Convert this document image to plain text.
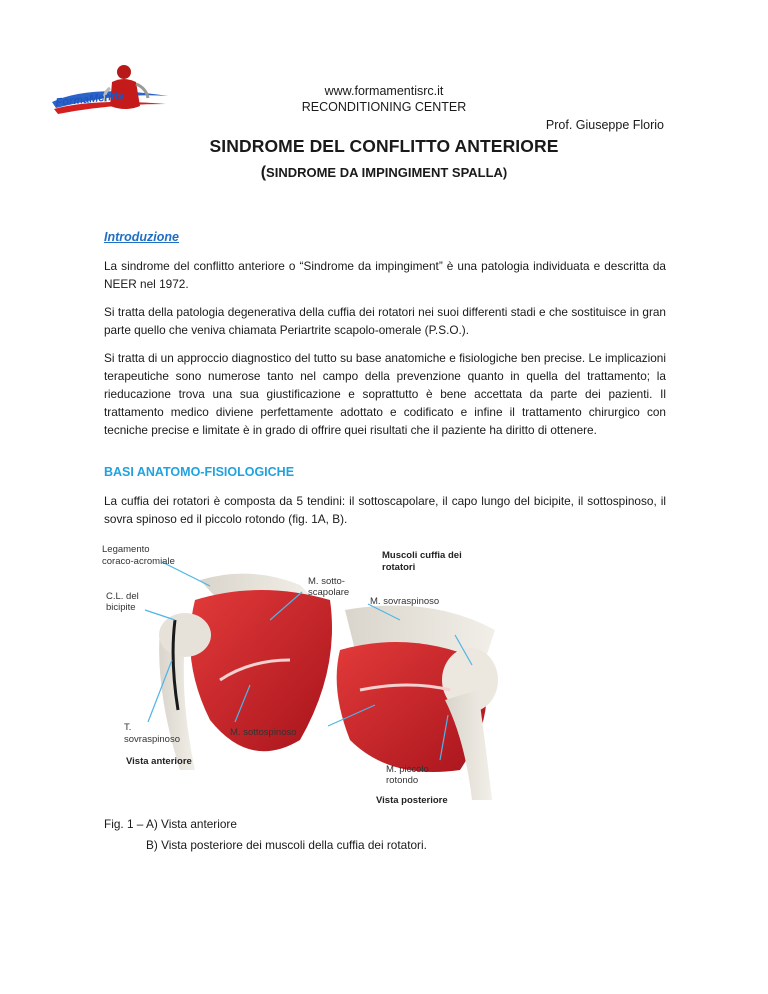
FormaMentis	www.formamentisrc.it
RECONDITIONING CENTER
Prof. Giuseppe Florio
SINDROME DEL CONFLITTO ANTERIORE
(SINDROME DA IMPINGIMENT SPALLA)
Introduzione

La sindrome del conflitto anteriore o “Sindrome da impingiment” è una patologia individuata e descritta da NEER nel 1972.

Si tratta della patologia degenerativa della cuffia dei rotatori nei suoi differenti stadi e che sostituisce in gran parte quello che veniva chiamata Periartrite scapolo-omerale (P.S.O.).

Si tratta di un approccio diagnostico del tutto su base anatomiche e fisiologiche ben precise. Le implicazioni terapeutiche sono numerose tanto nel campo della prevenzione quanto in quella del trattamento; la rieducazione trova una sua giustificazione e soprattutto è bene accettata da parte dei pazienti. Il trattamento medico diviene perfettamente adottato e codificato e infine il trattamento chirurgico con tecniche precise e limitate è in grado di offrire quei risultati che il paziente ha diritto di ottenere.

BASI ANATOMO-FISIOLOGICHE

La cuffia dei rotatori è composta da 5 tendini: il sottoscapolare, il capo lungo del bicipite, il sottospinoso, il sovra spinoso ed il piccolo rotondo (fig. 1A, B).

Legamento
coraco-acromiale
C.L. del
bicipite
M. sotto-
scapolare
Muscoli cuffia dei
rotatori
M. sovraspinoso
T.
sovraspinoso
M. sottospinoso
Vista anteriore
M. piccolo
rotondo
Vista posteriore
Fig. 1 – A) Vista anteriore
B) Vista posteriore dei muscoli della cuffia dei rotatori.
